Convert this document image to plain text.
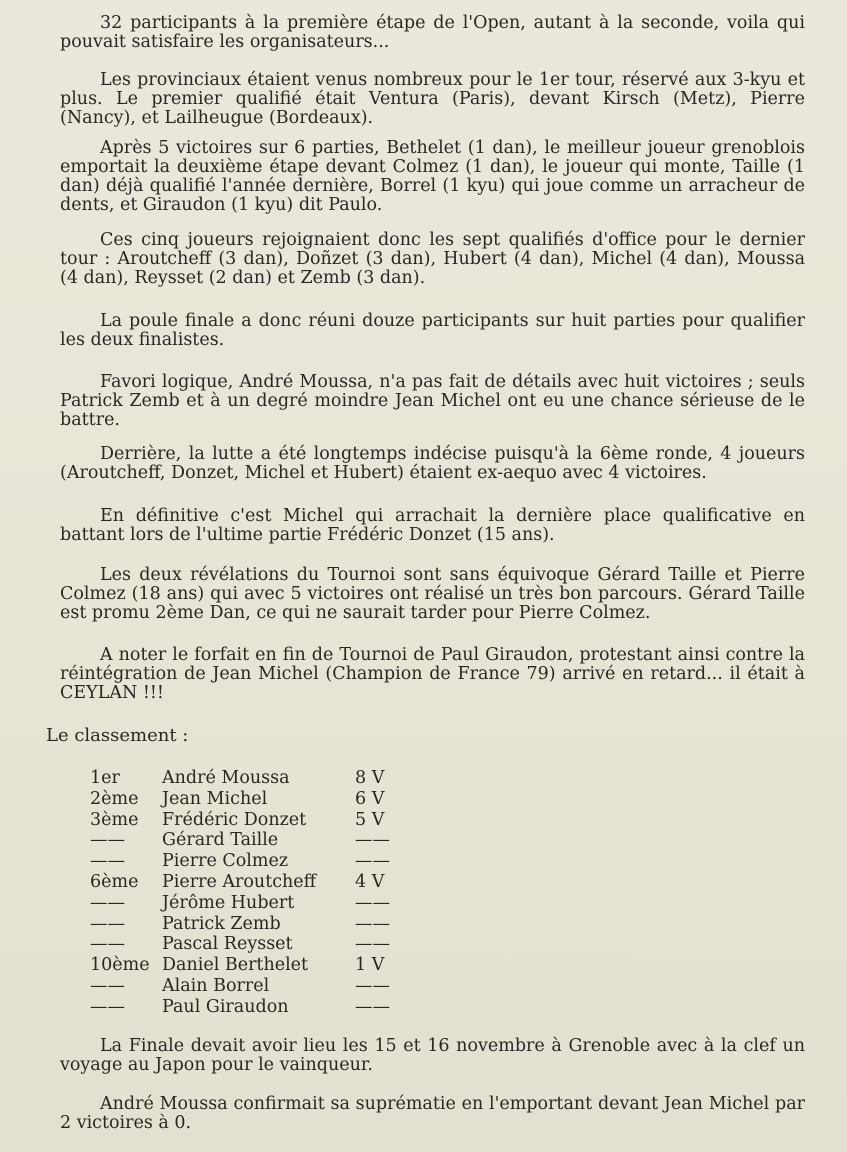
32 participants à la première étape de l'Open, autant à la seconde, voila qui pouvait satisfaire les organisateurs...

Les provinciaux étaient venus nombreux pour le 1er tour, réservé aux 3-kyu et plus. Le premier qualifié était Ventura (Paris), devant Kirsch (Metz), Pierre (Nancy), et Lailheugue (Bordeaux).

Après 5 victoires sur 6 parties, Bethelet (1 dan), le meilleur joueur grenoblois emportait la deuxième étape devant Colmez (1 dan), le joueur qui monte, Taille (1 dan) déjà qualifié l'année dernière, Borrel (1 kyu) qui joue comme un arracheur de dents, et Giraudon (1 kyu) dit Paulo.

Ces cinq joueurs rejoignaient donc les sept qualifiés d'office pour le dernier tour : Aroutcheff (3 dan), Doñzet (3 dan), Hubert (4 dan), Michel (4 dan), Moussa (4 dan), Reysset (2 dan) et Zemb (3 dan).

La poule finale a donc réuni douze participants sur huit parties pour qualifier les deux finalistes.

Favori logique, André Moussa, n'a pas fait de détails avec huit victoires ; seuls Patrick Zemb et à un degré moindre Jean Michel ont eu une chance sérieuse de le battre.

Derrière, la lutte a été longtemps indécise puisqu'à la 6ème ronde, 4 joueurs (Aroutcheff, Donzet, Michel et Hubert) étaient ex-aequo avec 4 victoires.

En définitive c'est Michel qui arrachait la dernière place qualificative en battant lors de l'ultime partie Frédéric Donzet (15 ans).

Les deux révélations du Tournoi sont sans équivoque Gérard Taille et Pierre Colmez (18 ans) qui avec 5 victoires ont réalisé un très bon parcours. Gérard Taille est promu 2ème Dan, ce qui ne saurait tarder pour Pierre Colmez.

A noter le forfait en fin de Tournoi de Paul Giraudon, protestant ainsi contre la réintégration de Jean Michel (Champion de France 79) arrivé en retard... il était à CEYLAN !!!

Le classement :

1er	André Moussa	8 V
2ème	Jean Michel	6 V
3ème	Frédéric Donzet	5 V
——	Gérard Taille	——
——	Pierre Colmez	——
6ème	Pierre Aroutcheff 4 V
——	Jérôme Hubert	——
——	Patrick Zemb	——
——	Pascal Reysset	——
10ème Daniel Berthelet	1 V
——	Alain Borrel	——
——	Paul Giraudon	——

La Finale devait avoir lieu les 15 et 16 novembre à Grenoble avec à la clef un voyage au Japon pour le vainqueur.

André Moussa confirmait sa suprématie en l'emportant devant Jean Michel par 2 victoires à 0.
